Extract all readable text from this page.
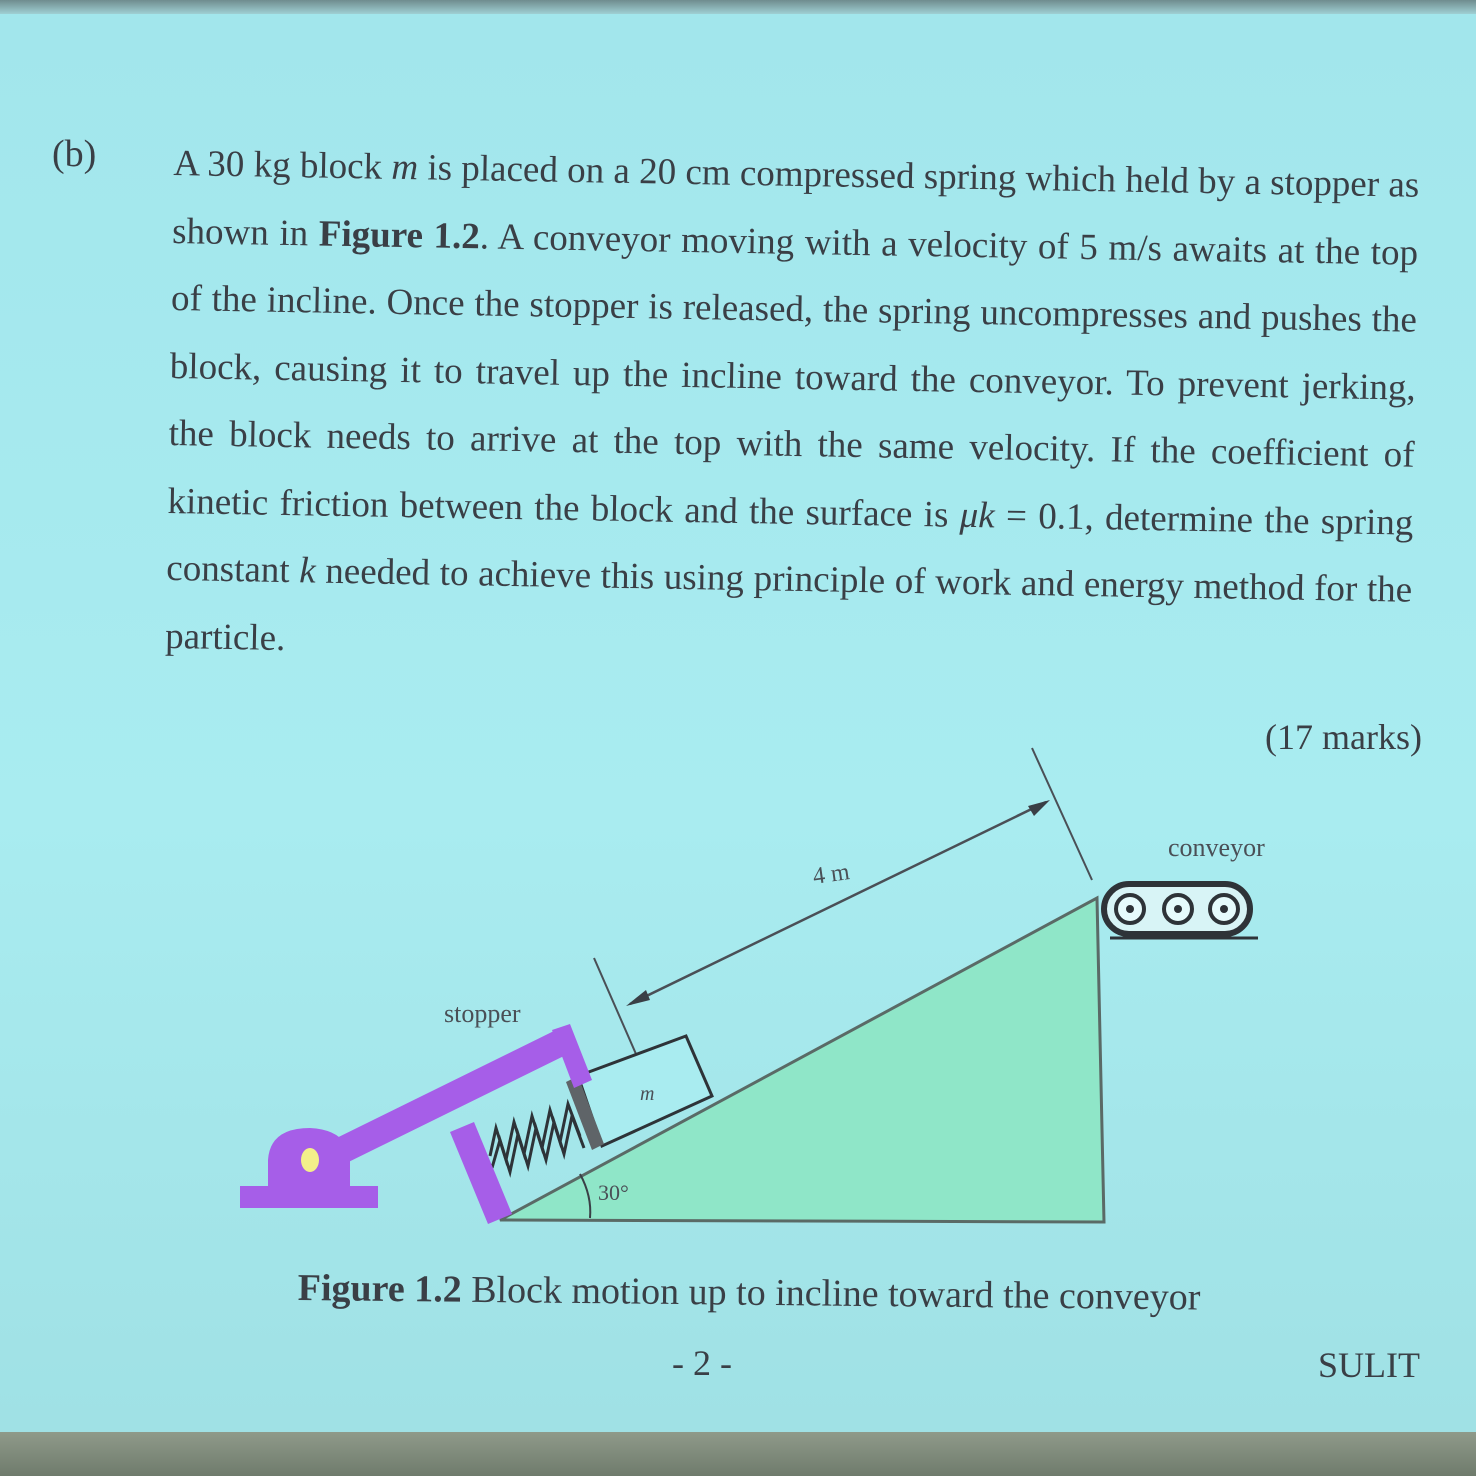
(b) A 30 kg block m is placed on a 20 cm compressed spring which held by a stopper as shown in Figure 1.2. A conveyor moving with a velocity of 5 m/s awaits at the top of the incline. Once the stopper is released, the spring uncompresses and pushes the block, causing it to travel up the incline toward the conveyor. To prevent jerking, the block needs to arrive at the top with the same velocity. If the coefficient of kinetic friction between the block and the surface is μk = 0.1, determine the spring constant k needed to achieve this using principle of work and energy method for the particle.
(17 marks)
4 m
conveyor
m
stopper
30°
Figure 1.2 Block motion up to incline toward the conveyor
- 2 -	SULIT
